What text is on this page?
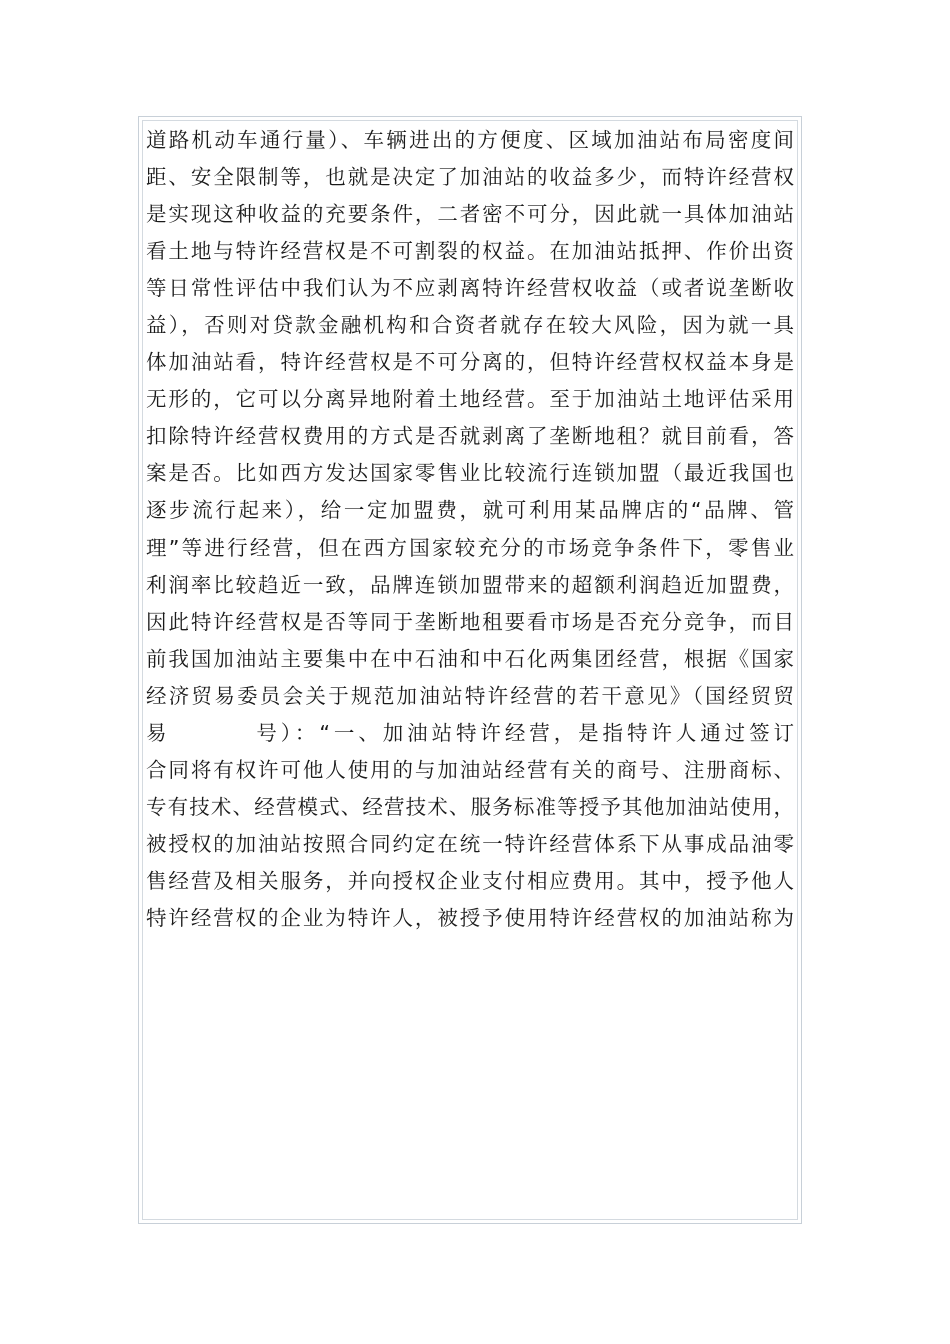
道路机动车通行量）、车辆进出的方便度、区域加油站布局密度间
距、安全限制等，也就是决定了加油站的收益多少，而特许经营权
是实现这种收益的充要条件，二者密不可分，因此就一具体加油站
看土地与特许经营权是不可割裂的权益。在加油站抵押、作价出资
等日常性评估中我们认为不应剥离特许经营权收益（或者说垄断收
益），否则对贷款金融机构和合资者就存在较大风险，因为就一具
体加油站看，特许经营权是不可分离的，但特许经营权权益本身是
无形的，它可以分离异地附着土地经营。至于加油站土地评估采用
扣除特许经营权费用的方式是否就剥离了垄断地租？就目前看，答
案是否。比如西方发达国家零售业比较流行连锁加盟（最近我国也
逐步流行起来），给一定加盟费，就可利用某品牌店的“品牌、管
理”等进行经营，但在西方国家较充分的市场竞争条件下，零售业
利润率比较趋近一致，品牌连锁加盟带来的超额利润趋近加盟费，
因此特许经营权是否等同于垄断地租要看市场是否充分竞争，而目
前我国加油站主要集中在中石油和中石化两集团经营，根据《国家
经济贸易委员会关于规范加油站特许经营的若干意见》（国经贸贸
易	号）：“一、加油站特许经营，是指特许人通过签订
合同将有权许可他人使用的与加油站经营有关的商号、注册商标、
专有技术、经营模式、经营技术、服务标准等授予其他加油站使用，
被授权的加油站按照合同约定在统一特许经营体系下从事成品油零
售经营及相关服务，并向授权企业支付相应费用。其中，授予他人
特许经营权的企业为特许人，被授予使用特许经营权的加油站称为
